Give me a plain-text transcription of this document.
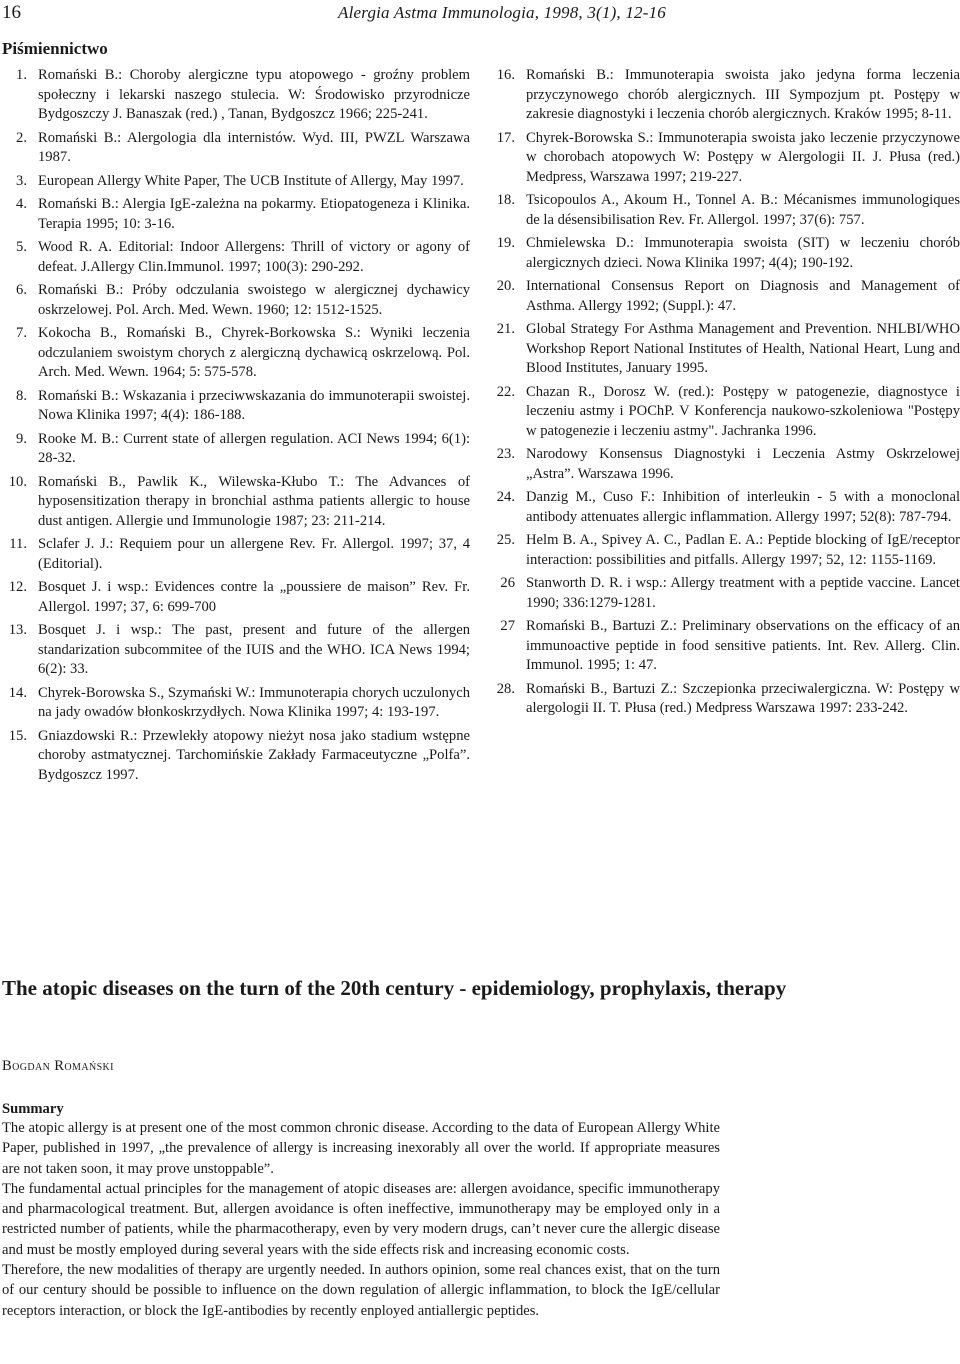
16	Alergia Astma Immunologia, 1998, 3(1), 12-16
Piśmiennictwo
1. Romański B.: Choroby alergiczne typu atopowego - groźny problem społeczny i lekarski naszego stulecia. W: Środowisko przyrodnicze Bydgoszczy J. Banaszak (red.) , Tanan, Bydgoszcz 1966; 225-241.
2. Romański B.: Alergologia dla internistów. Wyd. III, PWZL Warszawa 1987.
3. European Allergy White Paper, The UCB Institute of Allergy, May 1997.
4. Romański B.: Alergia IgE-zależna na pokarmy. Etiopatogeneza i Klinika. Terapia 1995; 10: 3-16.
5. Wood R. A. Editorial: Indoor Allergens: Thrill of victory or agony of defeat. J.Allergy Clin.Immunol. 1997; 100(3): 290-292.
6. Romański B.: Próby odczulania swoistego w alergicznej dychawicy oskrzelowej. Pol. Arch. Med. Wewn. 1960; 12: 1512-1525.
7. Kokocha B., Romański B., Chyrek-Borkowska S.: Wyniki leczenia odczulaniem swoistym chorych z alergiczną dychawicą oskrzelową. Pol. Arch. Med. Wewn. 1964; 5: 575-578.
8. Romański B.: Wskazania i przeciwwskazania do immunoterapii swoistej. Nowa Klinika 1997; 4(4): 186-188.
9. Rooke M. B.: Current state of allergen regulation. ACI News 1994; 6(1): 28-32.
10. Romański B., Pawlik K., Wilewska-Kłubo T.: The Advances of hyposensitization therapy in bronchial asthma patients allergic to house dust antigen. Allergie und Immunologie 1987; 23: 211-214.
11. Sclafer J. J.: Requiem pour un allergene Rev. Fr. Allergol. 1997; 37, 4 (Editorial).
12. Bosquet J. i wsp.: Evidences contre la „poussiere de maison” Rev. Fr. Allergol. 1997; 37, 6: 699-700
13. Bosquet J. i wsp.: The past, present and future of the allergen standarization subcommitee of the IUIS and the WHO. ICA News 1994; 6(2): 33.
14. Chyrek-Borowska S., Szymański W.: Immunoterapia chorych uczulonych na jady owadów błonkoskrzydłych. Nowa Klinika 1997; 4: 193-197.
15. Gniazdowski R.: Przewlekły atopowy nieżyt nosa jako stadium wstępne choroby astmatycznej. Tarchomińskie Zakłady Farmaceutyczne „Polfa”. Bydgoszcz 1997.
16. Romański B.: Immunoterapia swoista jako jedyna forma leczenia przyczynowego chorób alergicznych. III Sympozjum pt. Postępy w zakresie diagnostyki i leczenia chorób alergicznych. Kraków 1995; 8-11.
17. Chyrek-Borowska S.: Immunoterapia swoista jako leczenie przyczynowe w chorobach atopowych W: Postępy w Alergologii II. J. Płusa (red.) Medpress, Warszawa 1997; 219-227.
18. Tsicopoulos A., Akoum H., Tonnel A. B.: Mécanismes immunologiques de la désensibilisation Rev. Fr. Allergol. 1997; 37(6): 757.
19. Chmielewska D.: Immunoterapia swoista (SIT) w leczeniu chorób alergicznych dzieci. Nowa Klinika 1997; 4(4); 190-192.
20. International Consensus Report on Diagnosis and Management of Asthma. Allergy 1992; (Suppl.): 47.
21. Global Strategy For Asthma Management and Prevention. NHLBI/WHO Workshop Report National Institutes of Health, National Heart, Lung and Blood Institutes, January 1995.
22. Chazan R., Dorosz W. (red.): Postępy w patogenezie, diagnostyce i leczeniu astmy i POChP. V Konferencja naukowo-szkoleniowa "Postępy w patogenezie i leczeniu astmy". Jachranka 1996.
23. Narodowy Konsensus Diagnostyki i Leczenia Astmy Oskrzelowej „Astra”. Warszawa 1996.
24. Danzig M., Cuso F.: Inhibition of interleukin - 5 with a monoclonal antibody attenuates allergic inflammation. Allergy 1997; 52(8): 787-794.
25. Helm B. A., Spivey A. C., Padlan E. A.: Peptide blocking of IgE/receptor interaction: possibilities and pitfalls. Allergy 1997; 52, 12: 1155-1169.
26 Stanworth D. R. i wsp.: Allergy treatment with a peptide vaccine. Lancet 1990; 336:1279-1281.
27 Romański B., Bartuzi Z.: Preliminary observations on the efficacy of an immunoactive peptide in food sensitive patients. Int. Rev. Allerg. Clin. Immunol. 1995; 1: 47.
28. Romański B., Bartuzi Z.: Szczepionka przeciwalergiczna. W: Postępy w alergologii II. T. Płusa (red.) Medpress Warszawa 1997: 233-242.
The atopic diseases on the turn of the 20th century - epidemiology, prophylaxis, therapy
Bogdan Romański
Summary

The atopic allergy is at present one of the most common chronic disease. According to the data of European Allergy White Paper, published in 1997, „the prevalence of allergy is increasing inexorably all over the world. If appropriate measures are not taken soon, it may prove unstoppable”.

The fundamental actual principles for the management of atopic diseases are: allergen avoidance, specific immunotherapy and pharmacological treatment. But, allergen avoidance is often ineffective, immunotherapy may be employed only in a restricted number of patients, while the pharmacotherapy, even by very modern drugs, can’t never cure the allergic disease and must be mostly employed during several years with the side effects risk and increasing economic costs.

Therefore, the new modalities of therapy are urgently needed. In authors opinion, some real chances exist, that on the turn of our century should be possible to influence on the down regulation of allergic inflammation, to block the IgE/cellular receptors interaction, or block the IgE-antibodies by recently enployed antiallergic peptides.
